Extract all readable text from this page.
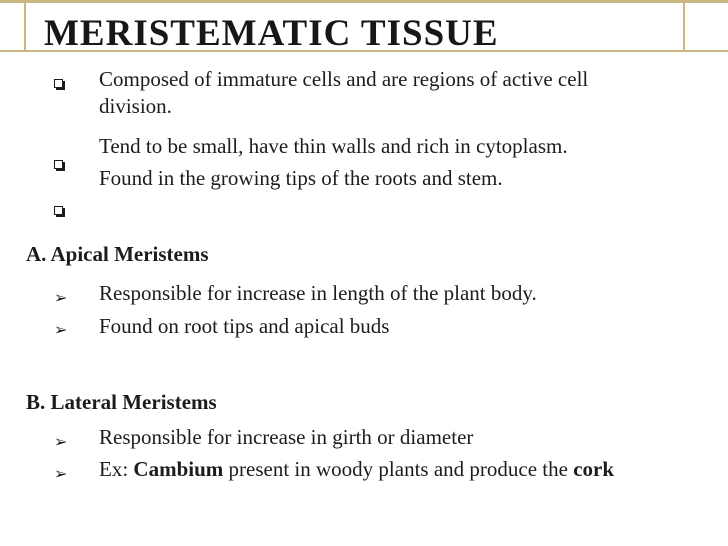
MERISTEMATIC TISSUE
Composed of immature cells and are regions of active cell
division.
Tend to be small, have thin walls and rich in cytoplasm.
Found in the growing tips of the roots and stem.
A. Apical Meristems
➢ Responsible for increase in length of the plant body.
➢ Found on root tips and apical buds
B. Lateral Meristems
➢ Responsible for increase in girth or diameter
➢ Ex: Cambium present in woody plants and produce the cork
